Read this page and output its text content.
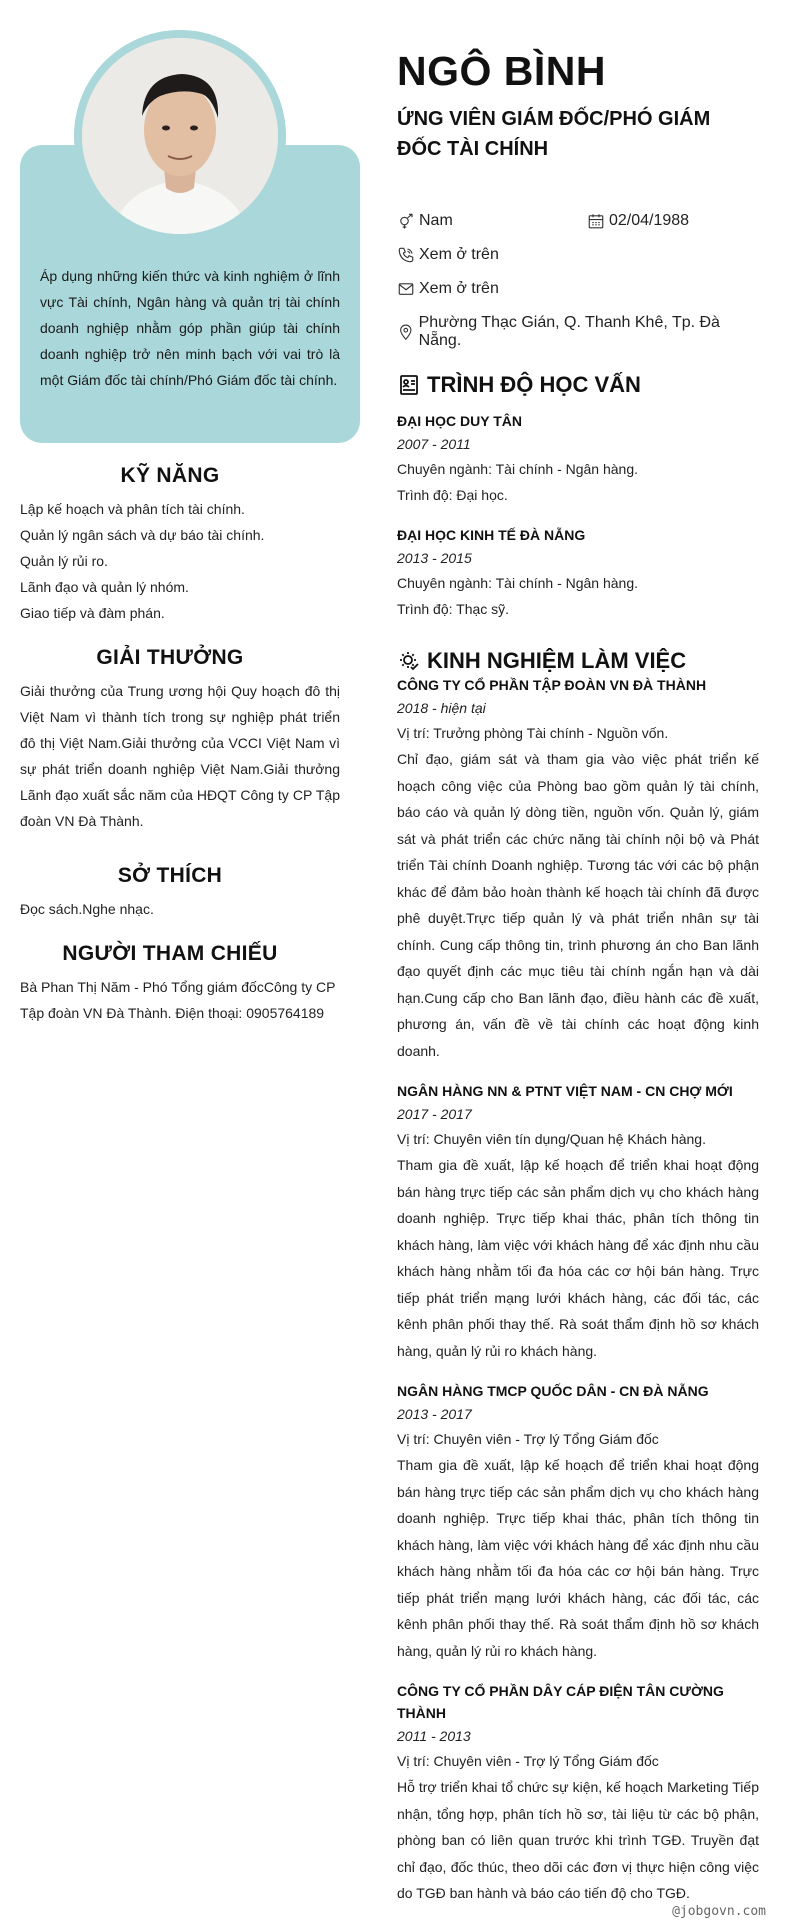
Áp dụng những kiến thức và kinh nghiệm ở lĩnh vực Tài chính, Ngân hàng và quản trị tài chính doanh nghiệp nhằm góp phần giúp tài chính doanh nghiệp trở nên minh bạch với vai trò là một Giám đốc tài chính/Phó Giám đốc tài chính.

KỸ NĂNG
Lập kế hoạch và phân tích tài chính.
Quản lý ngân sách và dự báo tài chính.
Quản lý rủi ro.
Lãnh đạo và quản lý nhóm.
Giao tiếp và đàm phán.
GIẢI THƯỞNG

Giải thưởng của Trung ương hội Quy hoạch đô thị Việt Nam vì thành tích trong sự nghiệp phát triển đô thị Việt Nam.Giải thưởng của VCCI Việt Nam vì sự phát triển doanh nghiệp Việt Nam.Giải thưởng Lãnh đạo xuất sắc năm của HĐQT Công ty CP Tập đoàn VN Đà Thành.

SỞ THÍCH

Đọc sách.Nghe nhạc.

NGƯỜI THAM CHIẾU

Bà Phan Thị Năm - Phó Tổng giám đốcCông ty CP Tập đoàn VN Đà Thành. Điện thoại: 0905764189

NGÔ BÌNH
ỨNG VIÊN GIÁM ĐỐC/PHÓ GIÁM ĐỐC TÀI CHÍNH
Nam	02/04/1988
Xem ở trên
Xem ở trên
Phường Thạc Gián, Q. Thanh Khê, Tp. Đà Nẵng.
TRÌNH ĐỘ HỌC VẤN
ĐẠI HỌC DUY TÂN
2007 - 2011
Chuyên ngành: Tài chính - Ngân hàng.
Trình độ: Đại học.
ĐẠI HỌC KINH TẾ ĐÀ NẴNG
2013 - 2015
Chuyên ngành: Tài chính - Ngân hàng.
Trình độ: Thạc sỹ.
KINH NGHIỆM LÀM VIỆC
CÔNG TY CỔ PHẦN TẬP ĐOÀN VN ĐÀ THÀNH
2018 - hiện tại
Vị trí: Trưởng phòng Tài chính - Nguồn vốn.
Chỉ đạo, giám sát và tham gia vào việc phát triển kế hoạch công việc của Phòng bao gồm quản lý tài chính, báo cáo và quản lý dòng tiền, nguồn vốn. Quản lý, giám sát và phát triển các chức năng tài chính nội bộ và Phát triển Tài chính Doanh nghiệp. Tương tác với các bộ phận khác để đảm bảo hoàn thành kế hoạch tài chính đã được phê duyệt.Trực tiếp quản lý và phát triển nhân sự tài chính. Cung cấp thông tin, trình phương án cho Ban lãnh đạo quyết định các mục tiêu tài chính ngắn hạn và dài hạn.Cung cấp cho Ban lãnh đạo, điều hành các đề xuất, phương án, vấn đề về tài chính các hoạt động kinh doanh.
NGÂN HÀNG NN & PTNT VIỆT NAM - CN CHỢ MỚI
2017 - 2017
Vị trí: Chuyên viên tín dụng/Quan hệ Khách hàng.
Tham gia đề xuất, lập kế hoạch để triển khai hoạt động bán hàng trực tiếp các sản phẩm dịch vụ cho khách hàng doanh nghiệp. Trực tiếp khai thác, phân tích thông tin khách hàng, làm việc với khách hàng để xác định nhu cầu khách hàng nhằm tối đa hóa các cơ hội bán hàng. Trực tiếp phát triển mạng lưới khách hàng, các đối tác, các kênh phân phối thay thế. Rà soát thẩm định hồ sơ khách hàng, quản lý rủi ro khách hàng.
NGÂN HÀNG TMCP QUỐC DÂN - CN ĐÀ NẴNG
2013 - 2017
Vị trí: Chuyên viên - Trợ lý Tổng Giám đốc
Tham gia đề xuất, lập kế hoạch để triển khai hoạt động bán hàng trực tiếp các sản phẩm dịch vụ cho khách hàng doanh nghiệp. Trực tiếp khai thác, phân tích thông tin khách hàng, làm việc với khách hàng để xác định nhu cầu khách hàng nhằm tối đa hóa các cơ hội bán hàng. Trực tiếp phát triển mạng lưới khách hàng, các đối tác, các kênh phân phối thay thế. Rà soát thẩm định hồ sơ khách hàng, quản lý rủi ro khách hàng.
CÔNG TY CỔ PHẦN DÂY CÁP ĐIỆN TÂN CƯỜNG THÀNH
2011 - 2013
Vị trí: Chuyên viên - Trợ lý Tổng Giám đốc
Hỗ trợ triển khai tổ chức sự kiện, kế hoạch Marketing Tiếp nhận, tổng hợp, phân tích hồ sơ, tài liệu từ các bộ phận, phòng ban có liên quan trước khi trình TGĐ. Truyền đạt chỉ đạo, đốc thúc, theo dõi các đơn vị thực hiện công việc do TGĐ ban hành và báo cáo tiến độ cho TGĐ.
@jobgovn.com
